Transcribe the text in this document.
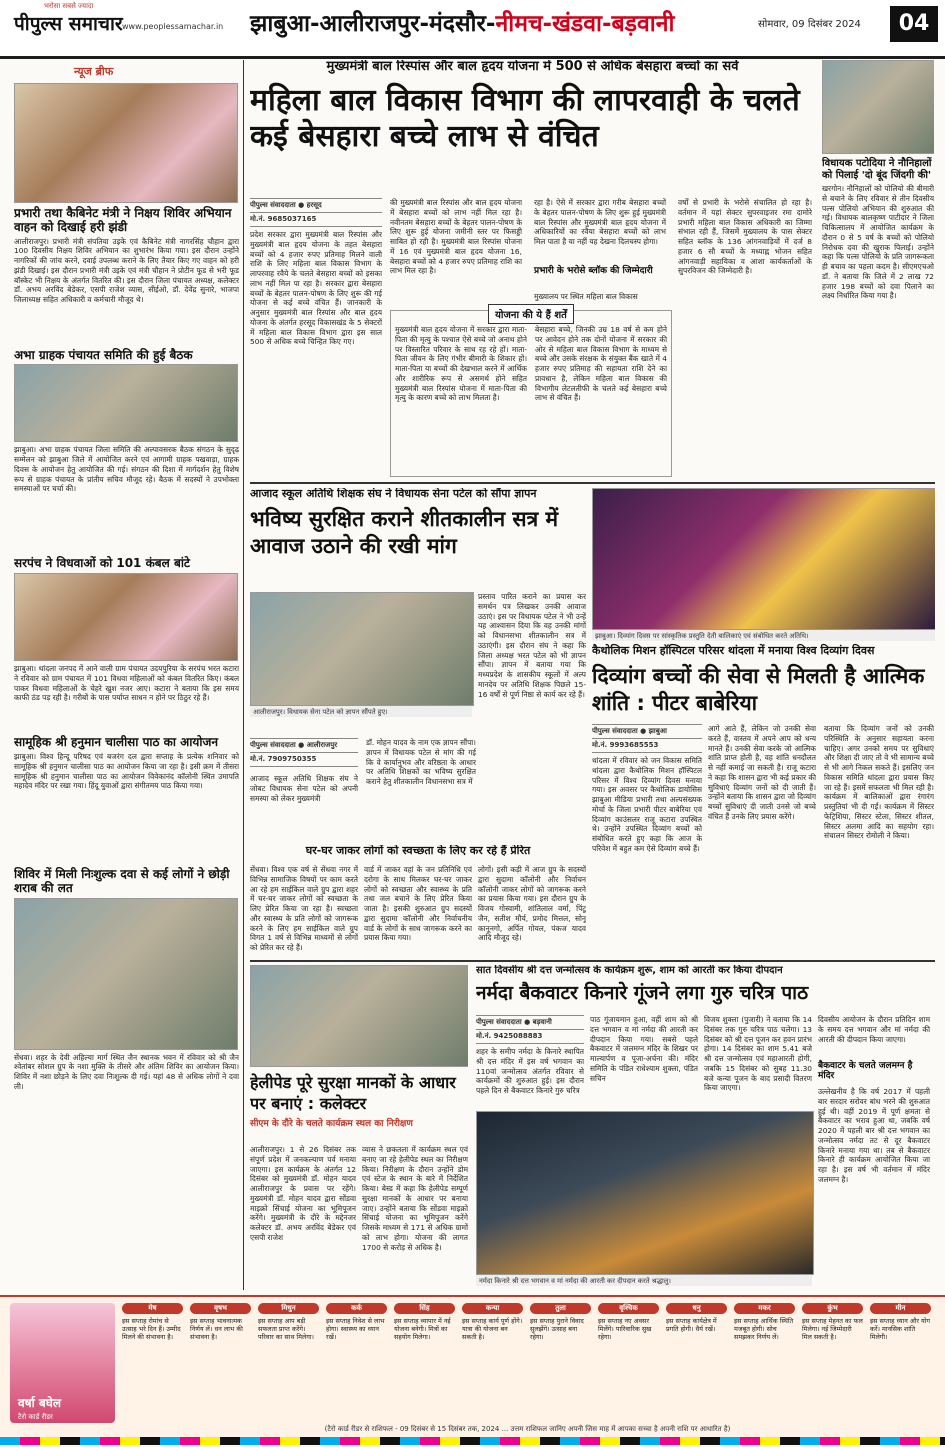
भरोसा सबसे ज्यादा
पीपुल्स समाचार www.peoplessamachar.in झाबुआ-आलीराजपुर-मंदसौर-नीमच-खंडवा-बड़वानी	सोमवार, 09 दिसंबर 2024	04
न्यूज ब्रीफ
प्रभारी तथा कैबिनेट मंत्री ने निक्षय शिविर अभियान वाहन को दिखाई हरी झंडी
आलीराजपुर। प्रभारी मंत्री संपतिया उइके एवं कैबिनेट मंत्री नागरसिंह चौहान द्वारा 100 दिवसीय निक्षय शिविर अभियान का शुभारंभ किया गया। इस दौरान उन्होंने नागरिकों की जांच करने, दवाई उपलब्ध कराने के लिए तैयार किए गए वाहन को हरी झंडी दिखाई। इस दौरान प्रभारी मंत्री उइके एवं मंत्री चौहान ने प्रोटीन फूड से भरी फूड बॉस्केट भी निक्षय के अंतर्गत वितरित की। इस दौरान जिला पंचायत अध्यक्ष, कलेक्टर डॉ. अभय अरविंद बेडेकर, एसपी राजेश व्यास, सीईओ, डॉ. देवेंद्र सुनारे, भाजपा जिलाध्यक्ष सहित अधिकारी व कर्मचारी मौजूद थे।
अभा ग्राहक पंचायत समिति की हुई बैठक
झाबुआ। अभा ग्राहक पंचायत जिला समिति की अल्पावसरक बैठक संगठन के सुदृढ़ सम्मेलन को झाबुआ जिले में आयोजित करने एवं आगामी ग्राहक पखवाड़ा, ग्राहक दिवस के आयोजन हेतु आयोजित की गई। संगठन की दिशा में मार्गदर्शन हेतु विशेष रूप से ग्राहक पंचायत के प्रांतीय सचिव मौजूद रहे। बैठक में सदस्यों ने उपभोक्ता समस्याओं पर चर्चा की।
सरपंच ने विधवाओं को 101 कंबल बांटे
झाबुआ। थांदला जनपद में आने वाली ग्राम पंचायत उदयपुरिया के सरपंच भरत कटारा ने रविवार को ग्राम पंचायत में 101 विधवा महिलाओं को कंबल वितरित किए। कंबल पाकर विधवा महिलाओं के चेहरे खुश नजर आए। कटारा ने बताया कि इस समय काफी ठंड पड़ रही है। गरीबों के पास पर्याप्त साधन न होने पर ठिठुर रहे हैं।
सामूहिक श्री हनुमान चालीसा पाठ का आयोजन
झाबुआ। विश्व हिन्दू परिषद एवं बजरंग दल द्वारा सप्ताह के प्रत्येक शनिवार को सामूहिक श्री हनुमान चालीसा पाठ का आयोजन किया जा रहा है। इसी क्रम में तीसरा सामूहिक श्री हनुमान चालीसा पाठ का आयोजन विवेकानंद कॉलोनी स्थित उमापति महादेव मंदिर पर रखा गया। हिंदू युवाओं द्वारा संगीतमय पाठ किया गया।
शिविर में मिली निःशुल्क दवा से कई लोगों ने छोड़ी शराब की लत
सेंधवा। शहर के देवी अहिल्या मार्ग स्थित जैन स्थानक भवन में रविवार को श्री जैन श्वेतांबर सोशल ग्रुप के नशा मुक्ति के तीसरे और अंतिम शिविर का आयोजन किया। शिविर में नशा छोड़ने के लिए दवा निःशुल्क दी गई। यहां 48 से अधिक लोगों ने दवा ली।
मुख्यमंत्री बाल रिस्पांस और बाल हृदय योजना में 500 से अधिक बेसहारा बच्चों का सर्वे
महिला बाल विकास विभाग की लापरवाही के चलते कई बेसहारा बच्चे लाभ से वंचित
पीपुल्स संवाददाता ● हरसूद
मो.नं. 9685037165
प्रदेश सरकार द्वारा मुख्यमंत्री बाल रिस्पांस और मुख्यमंत्री बाल हृदय योजना के तहत बेसहारा बच्चों को 4 हजार रुपए प्रतिमाह मिलने वाली राशि के लिए महिला बाल विकास विभाग के लापरवाह रवैये के चलते बेसहारा बच्चों को इसका लाभ नहीं मिल पा रहा है। सरकार द्वारा बेसहारा बच्चों के बेहतर पालन-पोषण के लिए शुरू की गई योजना से कई बच्चे वंचित हैं। जानकारी के अनुसार मुख्यमंत्री बाल रिस्पांस और बाल हृदय योजना के अंतर्गत हरसूद विकासखंड के 5 सेक्टरों में महिला बाल विकास विभाग द्वारा इस साल 500 से अधिक बच्चे चिन्हित किए गए।
की मुख्यमंत्री बाल रिस्पांस और बाल हृदय योजना में बेसहारा बच्चों को लाभ नहीं मिल रहा है। नवीनतम बेसहारा बच्चों के बेहतर पालन-पोषण के लिए शुरू हुई योजना जमीनी स्तर पर फिसड्डी साबित हो रही है। मुख्यमंत्री बाल रिस्पांस योजना में 16 एवं मुख्यमंत्री बाल हृदय योजना 16, बेसहारा बच्चों को 4 हजार रुपए प्रतिमाह राशि का लाभ मिल रहा है।
रहा है। ऐसे में सरकार द्वारा गरीब बेसहारा बच्चों के बेहतर पालन-पोषण के लिए शुरू हुई मुख्यमंत्री बाल रिस्पांस और मुख्यमंत्री बाल हृदय योजना में अधिकारियों का रवैया बेसहारा बच्चों को लाभ मिल पाता है या नहीं यह देखना दिलचस्प होगा।
प्रभारी के भरोसे ब्लॉक की जिम्मेदारी
मुख्यालय पर स्थित महिला बाल विकास
वर्षों से प्रभारी के भरोसे संचालित हो रहा है। वर्तमान में यहां सेक्टर सुपरवाइजर रमा दामोरे प्रभारी महिला बाल विकास अधिकारी का जिम्मा संभाल रही हैं, जिसमें मुख्यालय के पास सेक्टर सहित ब्लॉक के 136 आंगनवाड़ियों में दर्ज 8 हजार 6 सौ बच्चों के मध्याह्न भोजन सहित आंगनवाड़ी सहायिका व आशा कार्यकर्ताओं के सुपरविजन की जिम्मेदारी है।
योजना की ये हैं शर्तें
मुख्यमंत्री बाल हृदय योजना में सरकार द्वारा माता-पिता की मृत्यु के पश्चात ऐसे बच्चे जो अनाथ होने पर विस्तारित परिवार के साथ रह रहे हों। माता-पिता जीवन के लिए गंभीर बीमारी के शिकार हों। माता-पिता या बच्चों की देखभाल करने में आर्थिक और शारीरिक रूप से असमर्थ होने सहित मुख्यमंत्री बाल रिस्पांस योजना में माता-पिता की मृत्यु के कारण बच्चे को लाभ मिलता है।
बेसहारा बच्चे, जिनकी उम्र 18 वर्ष से कम होने पर आवेदन होने तक दोनों योजना में सरकार की ओर से महिला बाल विकास विभाग के माध्यम से बच्चे और उसके संरक्षक के संयुक्त बैंक खाते में 4 हजार रुपए प्रतिमाह की सहायता राशि देने का प्रावधान है, लेकिन महिला बाल विकास की विभागीय लेटलतीफी के चलते कई बेसहारा बच्चे लाभ से वंचित हैं।
विधायक पटोदिया ने नौनिहालों को पिलाई 'दो बूंद जिंदगी की'
खरगोन। नौनिहालों को पोलियो की बीमारी से बचाने के लिए रविवार से तीन दिवसीय पल्स पोलियो अभियान की शुरुआत की गई। विधायक बालकृष्ण पाटीदार ने जिला चिकित्सालय में आयोजित कार्यक्रम के दौरान 0 से 5 वर्ष के बच्चों को पोलियो निरोधक दवा की खुराक पिलाई। उन्होंने कहा कि पल्स पोलियो के प्रति जागरूकता ही बचाव का पहला कदम है। सीएमएचओ डॉ. ने बताया कि जिले में 2 लाख 72 हजार 198 बच्चों को दवा पिलाने का लक्ष्य निर्धारित किया गया है।
आजाद स्कूल अतिथि शिक्षक संघ ने विधायक सेना पटेल को सौंपा ज्ञापन
भविष्य सुरक्षित कराने शीतकालीन सत्र में आवाज उठाने की रखी मांग
आलीराजपुर। विधायक सेना पटेल को ज्ञापन सौंपते हुए।
प्रस्ताव पारित कराने का प्रयास कर समर्थन पत्र लिखकर उनकी आवाज उठाएं। इस पर विधायक पटेल ने भी उन्हें यह आश्वासन दिया कि वह उनकी मांगों को विधानसभा शीतकालीन सत्र में उठाएंगी। इस दौरान संघ ने कहा कि जिला अध्यक्ष भरत पटेल को भी ज्ञापन सौंपा। ज्ञापन में बताया गया कि मध्यप्रदेश के शासकीय स्कूलों में अल्प मानदेय पर अतिथि शिक्षक पिछले 15-16 वर्षों से पूर्ण निष्ठा से कार्य कर रहे हैं।
पीपुल्स संवाददाता ● आलीराजपुर
मो.नं. 7909750355
आजाद स्कूल अतिथि शिक्षक संघ ने जोबट विधायक सेना पटेल को अपनी समस्या को लेकर मुख्यमंत्री
डॉ. मोहन यादव के नाम एक ज्ञापन सौंपा। ज्ञापन में विधायक पटेल से मांग की गई कि वे कार्यानुभव और वरिष्ठता के आधार पर अतिथि शिक्षकों का भविष्य सुरक्षित कराने हेतु शीतकालीन विधानसभा सत्र में
घर-घर जाकर लोगों को स्वच्छता के लिए कर रहे हैं प्रेरित
सेंधवा। विश्व एक वर्ष से सेंधवा नगर में विभिन्न सामाजिक विषयों पर काम करते आ रहे हम साईकिल वाले ग्रुप द्वारा शहर में घर-घर जाकर लोगों को स्वच्छता के लिए प्रेरित किया जा रहा है। स्वच्छता और स्वास्थ्य के प्रति लोगों को जागरूक करने के लिए हम साईकिल वाले ग्रुप विगत 1 वर्ष से विभिन्न माध्यमों से लोगों को प्रेरित कर रहे हैं।
वार्ड में जाकर वहां के जन प्रतिनिधि एवं दरोगा के साथ मिलकर घर-घर जाकर लोगों को स्वच्छता और स्वास्थ्य के प्रति तथा जल बचाने के लिए प्रेरित किया जाता है। इसकी शुरुआत ग्रुप सदस्यों द्वारा सुदामा कॉलोनी और निर्वाचनीय वार्ड के लोगों के साथ जागरूक करने का प्रयास किया गया।
लोगों। इसी कड़ी में आज ग्रुप के सदस्यों द्वारा सुदामा कॉलोनी और निर्वाचन कॉलोनी जाकर लोगों को जागरूक करने का प्रयास किया गया। इस दौरान ग्रुप के विजय गोस्वामी, शांतिलाल वर्मा, पिंटू जैन, सतीश मौर्य, प्रमोद मित्तल, सोनू कानूनगो, अर्पित गोयल, पंकज यादव आदि मौजूद रहे।
झाबुआ। दिव्यांग दिवस पर सांस्कृतिक प्रस्तुति देती बालिकाएं एवं संबोधित करते अतिथि।
कैथोलिक मिशन हॉस्पिटल परिसर थांदला में मनाया विश्व दिव्यांग दिवस
दिव्यांग बच्चों की सेवा से मिलती है आत्मिक शांति : पीटर बाबेरिया
पीपुल्स संवाददाता ● झाबुआ
मो.नं. 9993685553
थांदला में रविवार को जन विकास समिति थांदला द्वारा कैथोलिक मिशन हॉस्पिटल परिसर में विश्व दिव्यांग दिवस मनाया गया। इस अवसर पर कैथोलिक डायोसिस झाबुआ मीडिया प्रभारी तथा अल्पसंख्यक मोर्चा के जिला प्रभारी पीटर बाबेरिया एवं दिव्यांग काउंसलर राजू कटारा उपस्थित थे। उन्होंने उपस्थित दिव्यांग बच्चों को संबोधित करते हुए कहा कि आज के परिवेश में बहुत कम ऐसे दिव्यांग बच्चे हैं।
आगे आते हैं, लेकिन जो उनकी सेवा करते हैं, वास्तव में अपने आप को धन्य मानते हैं। उनकी सेवा करके जो आत्मिक शांति प्राप्त होती है, वह शांति धनदौलत से नहीं कमाई जा सकती है। राजू कटारा ने कहा कि शासन द्वारा भी कई प्रकार की सुविधाएं दिव्यांग जनों को दी जाती हैं। उन्होंने बताया कि शासन द्वारा जो दिव्यांग बच्चों सुविधाएं दी जाती उनसे जो बच्चे वंचित हैं उनके लिए प्रयास करेंगे।
बताया कि दिव्यांग जनों को उनकी परिस्थिति के अनुसार सहायता करना चाहिए। अगर उनको समय पर सुविधाएं और शिक्षा दी जाए तो वे भी सामान्य बच्चे से भी आगे निकल सकते हैं। इसलिए जन विकास समिति थांदला द्वारा प्रयास किए जा रहे हैं। इसमें सफलता भी मिल रही है। कार्यक्रम में बालिकाओं द्वारा रंगारंग प्रस्तुतियां भी दी गईं। कार्यक्रम में सिस्टर फेट्रिशिया, सिस्टर स्टेला, सिस्टर शीतल, सिस्टर अलमा आदि का सहयोग रहा। संचालन सिस्टर रोमोली ने किया।
हेलीपेड पूरे सुरक्षा मानकों के आधार पर बनाएं : कलेक्टर
सीएम के दौरे के चलते कार्यक्रम स्थल का निरीक्षण
आलीराजपुर। 1 से 26 दिसंबर तक संपूर्ण प्रदेश में जनकल्याण पर्व मनाया जाएगा। इस कार्यक्रम के अंतर्गत 12 दिसंबर को मुख्यमंत्री डॉ. मोहन यादव आलीराजपुर के प्रवास पर रहेंगे। मुख्यमंत्री डॉ. मोहन यादव द्वारा सोंडवा माइक्रो सिंचाई योजना का भूमिपूजन करेंगे। मुख्यमंत्री के दौरे के मद्देनजर कलेक्टर डॉ. अभय अरविंद बेडेकर एवं एसपी राजेश
व्यास ने छकतला में कार्यक्रम स्थल एवं बनाए जा रहे हेलीपेड स्थल का निरीक्षण किया। निरीक्षण के दौरान उन्होंने डोम एवं स्टेज के स्थान के बारे में निर्देशित किया। बेस्ड में कहा कि हेलीपेड सम्पूर्ण सुरक्षा मानकों के आधार पर बनाया जाए। उन्होंने बताया कि सोंडवा माइक्रो सिंचाई योजना का भूमिपूजन करेंगे जिसके माध्यम से 171 से अधिक ग्रामों को लाभ होगा। योजना की लागत 1700 से करोड़ से अधिक है।
सात दिवसीय श्री दत्त जन्मोत्सव के कार्यक्रम शुरू, शाम को आरती कर किया दीपदान
नर्मदा बैकवाटर किनारे गूंजने लगा गुरु चरित्र पाठ
पीपुल्स संवाददाता ● बड़वानी
मो.नं. 9425088883
शहर के समीप नर्मदा के किनारे स्थापित श्री दत्त मंदिर में इस वर्ष भगवान का 110वां जन्मोत्सव अंतर्गत रविवार से कार्यक्रमों की शुरुआत हुई। इस दौरान पहले दिन से बैकवाटर किनारे गुरु चरित्र
पाठ गूंजायमान हुआ, वहीं शाम को श्री दत्त भगवान व मां नर्मदा की आरती कर दीपदान किया गया। सबसे पहले बैकवाटर में जलमग्न मंदिर के शिखर पर माल्यार्पण व पूजा-अर्चना की। मंदिर समिति के पंडित राधेश्याम शुक्ला, पंडित सचिन
विजय शुक्ला (पुजारी) ने बताया कि 14 दिसंबर तक गुरु चरित्र पाठ चलेगा। 13 दिसंबर को श्री दत्त पूजन कर हवन प्रारंभ होगा। 14 दिसंबर का शाम 5.41 बजे श्री दत्त जन्मोत्सव एवं महाआरती होगी, जबकि 15 दिसंबर को सुबह 11.30 बजे कन्या पूजन के बाद प्रसादी वितरण किया जाएगा।
दिवसीय आयोजन के दौरान प्रतिदिन शाम के समय दत्त भगवान और मां नर्मदा की आरती की दीपदान किया जाएगा।
बैकवाटर के चलते जलमग्न है मंदिर
उल्लेखनीय है कि वर्ष 2017 में पहली बार सरदार सरोवर बांध भरने की शुरुआत हुई थी। वहीं 2019 में पूर्ण क्षमता से बैकवाटर का भराव हुआ था, जबकि वर्ष 2020 में पहली बार श्री दत्त भगवान का जन्मोत्सव नर्मदा तट से दूर बैकवाटर किनारे मनाया गया था। तब से बैकवाटर किनारे ही कार्यक्रम आयोजित किया जा रहा है। इस वर्ष भी वर्तमान में मंदिर जलमग्न है।
नर्मदा किनारे श्री दत्त भगवान व मां नर्मदा की आरती कर दीपदान करते श्रद्धालु।
वर्षा बघेल
टैरो कार्ड रीडर
मेष
इस सप्ताह रोमांच से उत्साह भरे दिन हैं। उम्मीद मिलने की संभावना है।
वृषभ
इस सप्ताह भावनात्मक निर्णय लें। धन लाभ की संभावना है।
मिथुन
इस सप्ताह आप बड़ी सफलता प्राप्त करेंगे। परिवार का साथ मिलेगा।
कर्क
इस सप्ताह निवेश से लाभ होगा। स्वास्थ्य का ध्यान रखें।
सिंह
इस सप्ताह व्यापार में नई योजना बनेगी। मित्रों का सहयोग मिलेगा।
कन्या
इस सप्ताह कार्य पूर्ण होंगे। यात्रा की योजना बन सकती है।
तुला
इस सप्ताह पुराने विवाद सुलझेंगे। उत्साह बना रहेगा।
वृश्चिक
इस सप्ताह नए अवसर मिलेंगे। पारिवारिक सुख रहेगा।
धनु
इस सप्ताह कार्यक्षेत्र में प्रगति होगी। धैर्य रखें।
मकर
इस सप्ताह आर्थिक स्थिति मजबूत होगी। सोच समझकर निर्णय लें।
कुंभ
इस सप्ताह मेहनत का फल मिलेगा। नई जिम्मेदारी मिल सकती है।
मीन
इस सप्ताह ध्यान और योग करें। मानसिक शांति मिलेगी।
(टैरो कार्ड रीडर से राशिफल - 09 दिसंबर से 15 दिसंबर तक, 2024 ... उत्तम राशिफल जानिए अपनी जिस माह में आपका सच्चा है अपनी राशि पर आधारित है)
